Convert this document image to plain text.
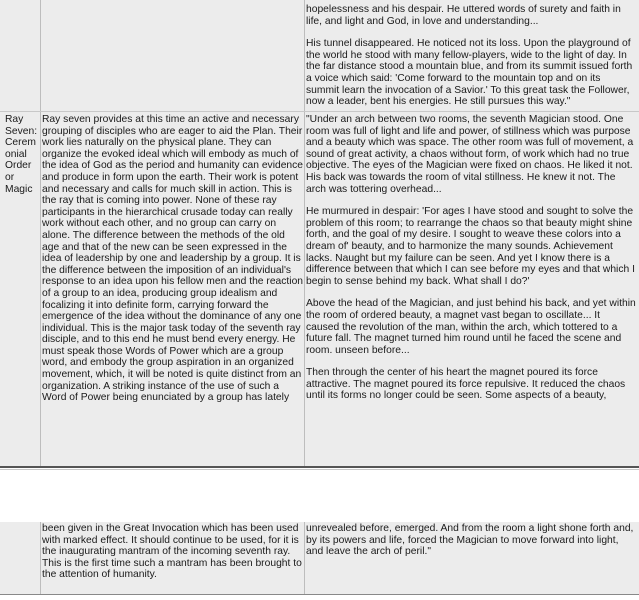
Ray Seven: Ceremonial Order or Magic

Ray seven provides at this time an active and necessary grouping of disciples who are eager to aid the Plan. Their work lies naturally on the physical plane. They can organize the evoked ideal which will embody as much of the idea of God as the period and humanity can evidence and produce in form upon the earth. Their work is potent and necessary and calls for much skill in action. This is the ray that is coming into power. None of these ray participants in the hierarchical crusade today can really work without each other, and no group can carry on alone. The difference between the methods of the old age and that of the new can be seen expressed in the idea of leadership by one and leadership by a group. It is the difference between the imposition of an individual's response to an idea upon his fellow men and the reaction of a group to an idea, producing group idealism and focalizing it into definite form, carrying forward the emergence of the idea without the dominance of any one individual. This is the major task today of the seventh ray disciple, and to this end he must bend every energy. He must speak those Words of Power which are a group word, and embody the group aspiration in an organized movement, which, it will be noted is quite distinct from an organization. A striking instance of the use of such a Word of Power being enunciated by a group has lately

hopelessness and his despair. He uttered words of surety and faith in life, and light and God, in love and understanding...

His tunnel disappeared. He noticed not its loss. Upon the playground of the world he stood with many fellow-players, wide to the light of day. In the far distance stood a mountain blue, and from its summit issued forth a voice which said: 'Come forward to the mountain top and on its summit learn the invocation of a Savior.' To this great task the Follower, now a leader, bent his energies. He still pursues this way."

"Under an arch between two rooms, the seventh Magician stood. One room was full of light and life and power, of stillness which was purpose and a beauty which was space. The other room was full of movement, a sound of great activity, a chaos without form, of work which had no true objective. The eyes of the Magician were fixed on chaos. He liked it not. His back was towards the room of vital stillness. He knew it not. The arch was tottering overhead...

He murmured in despair: 'For ages I have stood and sought to solve the problem of this room; to rearrange the chaos so that beauty might shine forth, and the goal of my desire. I sought to weave these colors into a dream of' beauty, and to harmonize the many sounds. Achievement lacks. Naught but my failure can be seen. And yet I know there is a difference between that which I can see before my eyes and that which I begin to sense behind my back. What shall I do?'

Above the head of the Magician, and just behind his back, and yet within the room of ordered beauty, a magnet vast began to oscillate... It caused the revolution of the man, within the arch, which tottered to a future fall. The magnet turned him round until he faced the scene and room. unseen before...

Then through the center of his heart the magnet poured its force attractive. The magnet poured its force repulsive. It reduced the chaos until its forms no longer could be seen. Some aspects of a beauty,

been given in the Great Invocation which has been used with marked effect. It should continue to be used, for it is the inaugurating mantram of the incoming seventh ray. This is the first time such a mantram has been brought to the attention of humanity.

unrevealed before, emerged. And from the room a light shone forth and, by its powers and life, forced the Magician to move forward into light, and leave the arch of peril."
